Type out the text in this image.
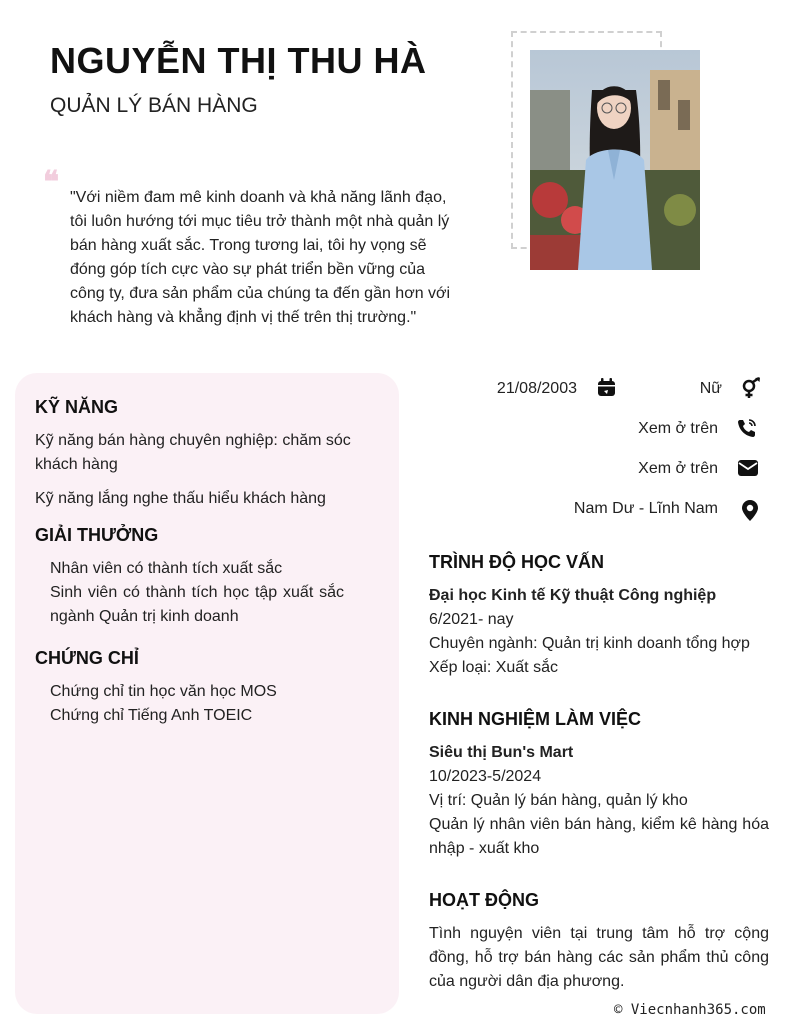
NGUYỄN THỊ THU HÀ
QUẢN LÝ BÁN HÀNG
❝ "Với niềm đam mê kinh doanh và khả năng lãnh đạo, tôi luôn hướng tới mục tiêu trở thành một nhà quản lý bán hàng xuất sắc. Trong tương lai, tôi hy vọng sẽ đóng góp tích cực vào sự phát triển bền vững của công ty, đưa sản phẩm của chúng ta đến gần hơn với khách hàng và khẳng định vị thế trên thị trường."

KỸ NĂNG

Kỹ năng bán hàng chuyên nghiệp: chăm sóc khách hàng

Kỹ năng lắng nghe thấu hiểu khách hàng

GIẢI THƯỞNG

Nhân viên có thành tích xuất sắc

Sinh viên có thành tích học tập xuất sắc ngành Quản trị kinh doanh

CHỨNG CHỈ

Chứng chỉ tin học văn học MOS

Chứng chỉ Tiếng Anh TOEIC

21/08/2003	Nữ
Xem ở trên
Xem ở trên
Nam Dư - Lĩnh Nam
TRÌNH ĐỘ HỌC VẤN
Đại học Kinh tế Kỹ thuật Công nghiệp
6/2021- nay
Chuyên ngành: Quản trị kinh doanh tổng hợp
Xếp loại: Xuất sắc
KINH NGHIỆM LÀM VIỆC
Siêu thị Bun's Mart
10/2023-5/2024
Vị trí: Quản lý bán hàng, quản lý kho
Quản lý nhân viên bán hàng, kiểm kê hàng hóa nhập - xuất kho
HOẠT ĐỘNG
Tình nguyện viên tại trung tâm hỗ trợ cộng đồng, hỗ trợ bán hàng các sản phẩm thủ công của người dân địa phương.
© Viecnhanh365.com
